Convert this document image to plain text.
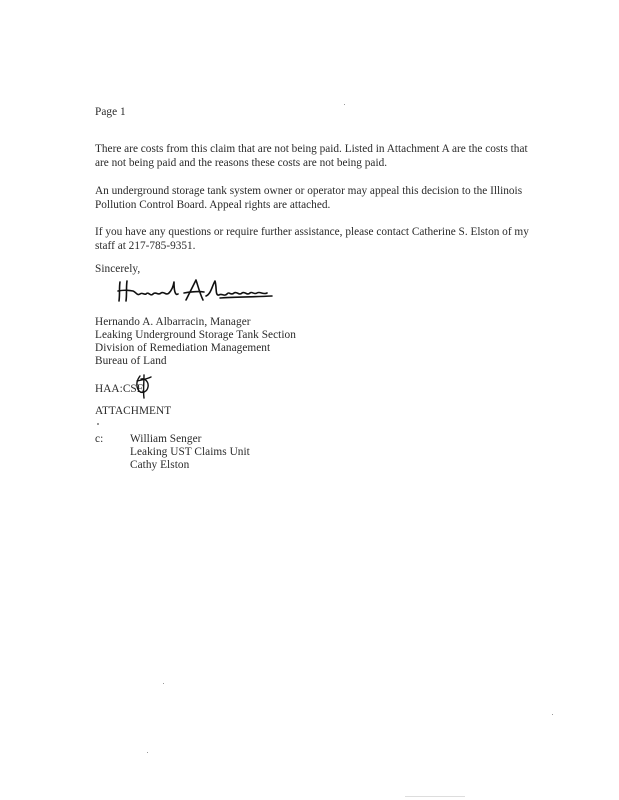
Page 1
There are costs from this claim that are not being paid. Listed in Attachment A are the costs that
are not being paid and the reasons these costs are not being paid.
An underground storage tank system owner or operator may appeal this decision to the Illinois
Pollution Control Board. Appeal rights are attached.
If you have any questions or require further assistance, please contact Catherine S. Elston of my
staff at 217-785-9351.
Sincerely,
Hernando A. Albarracin, Manager
Leaking Underground Storage Tank Section
Division of Remediation Management
Bureau of Land
HAA:CSE
ATTACHMENT
c: William Senger
Leaking UST Claims Unit
Cathy Elston
